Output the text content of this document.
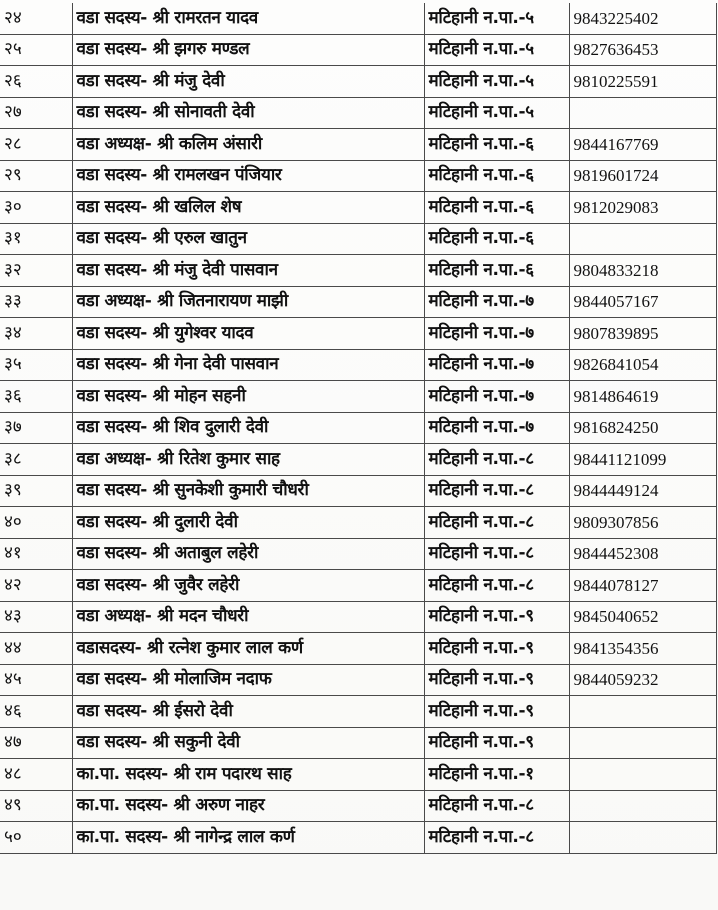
२४	वडा सदस्य- श्री रामरतन यादव	मटिहानी न.पा.-५	9843225402
२५	वडा सदस्य- श्री झगरु मण्डल	मटिहानी न.पा.-५	9827636453
२६	वडा सदस्य- श्री मंजु देवी	मटिहानी न.पा.-५	9810225591
२७	वडा सदस्य- श्री सोनावती देवी	मटिहानी न.पा.-५	
२८	वडा अध्यक्ष- श्री कलिम अंसारी	मटिहानी न.पा.-६	9844167769
२९	वडा सदस्य- श्री रामलखन पंजियार	मटिहानी न.पा.-६	9819601724
३०	वडा सदस्य- श्री खलिल शेष	मटिहानी न.पा.-६	9812029083
३१	वडा सदस्य- श्री एरुल खातुन	मटिहानी न.पा.-६	
३२	वडा सदस्य- श्री मंजु देवी पासवान	मटिहानी न.पा.-६	9804833218
३३	वडा अध्यक्ष- श्री जितनारायण माझी	मटिहानी न.पा.-७	9844057167
३४	वडा सदस्य- श्री युगेश्वर यादव	मटिहानी न.पा.-७	9807839895
३५	वडा सदस्य- श्री गेना देवी पासवान	मटिहानी न.पा.-७	9826841054
३६	वडा सदस्य- श्री मोहन सहनी	मटिहानी न.पा.-७	9814864619
३७	वडा सदस्य- श्री शिव दुलारी देवी	मटिहानी न.पा.-७	9816824250
३८	वडा अध्यक्ष- श्री रितेश कुमार साह	मटिहानी न.पा.-८	98441121099
३९	वडा सदस्य- श्री सुनकेशी कुमारी चौधरी	मटिहानी न.पा.-८	9844449124
४०	वडा सदस्य- श्री दुलारी देवी	मटिहानी न.पा.-८	9809307856
४१	वडा सदस्य- श्री अताबुल लहेरी	मटिहानी न.पा.-८	9844452308
४२	वडा सदस्य- श्री जुवैर लहेरी	मटिहानी न.पा.-८	9844078127
४३	वडा अध्यक्ष- श्री मदन चौधरी	मटिहानी न.पा.-९	9845040652
४४	वडासदस्य- श्री रत्नेश कुमार लाल कर्ण	मटिहानी न.पा.-९	9841354356
४५	वडा सदस्य- श्री मोलाजिम नदाफ	मटिहानी न.पा.-९	9844059232
४६	वडा सदस्य- श्री ईसरो देवी	मटिहानी न.पा.-९	
४७	वडा सदस्य- श्री सकुनी देवी	मटिहानी न.पा.-९	
४८	का.पा. सदस्य- श्री राम पदारथ साह	मटिहानी न.पा.-१	
४९	का.पा. सदस्य- श्री अरुण नाहर	मटिहानी न.पा.-८	
५०	का.पा. सदस्य- श्री नागेन्द्र लाल कर्ण	मटिहानी न.पा.-८	
